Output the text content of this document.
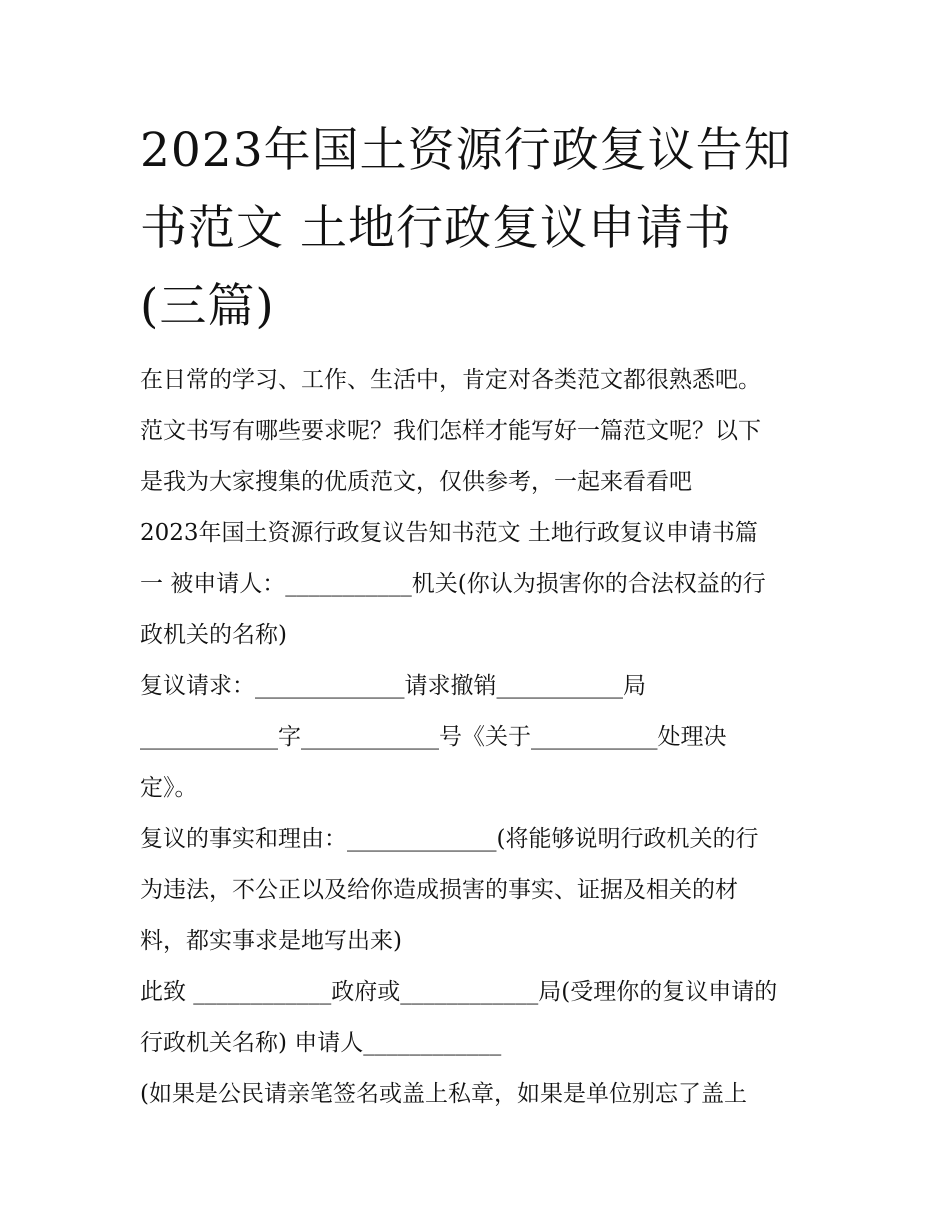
2023年国土资源行政复议告知
书范文 土地行政复议申请书
(三篇)
在日常的学习、工作、生活中，肯定对各类范文都很熟悉吧。
范文书写有哪些要求呢？我们怎样才能写好一篇范文呢？以下
是我为大家搜集的优质范文，仅供参考，一起来看看吧
2023年国土资源行政复议告知书范文 土地行政复议申请书篇
一 被申请人：___________机关(你认为损害你的合法权益的行
政机关的名称)
复议请求：_____________请求撤销___________局
____________字____________号《关于___________处理决
定》。
复议的事实和理由：_____________(将能够说明行政机关的行
为违法，不公正以及给你造成损害的事实、证据及相关的材
料，都实事求是地写出来)
此致 ____________政府或____________局(受理你的复议申请的
行政机关名称) 申请人____________
(如果是公民请亲笔签名或盖上私章，如果是单位别忘了盖上
